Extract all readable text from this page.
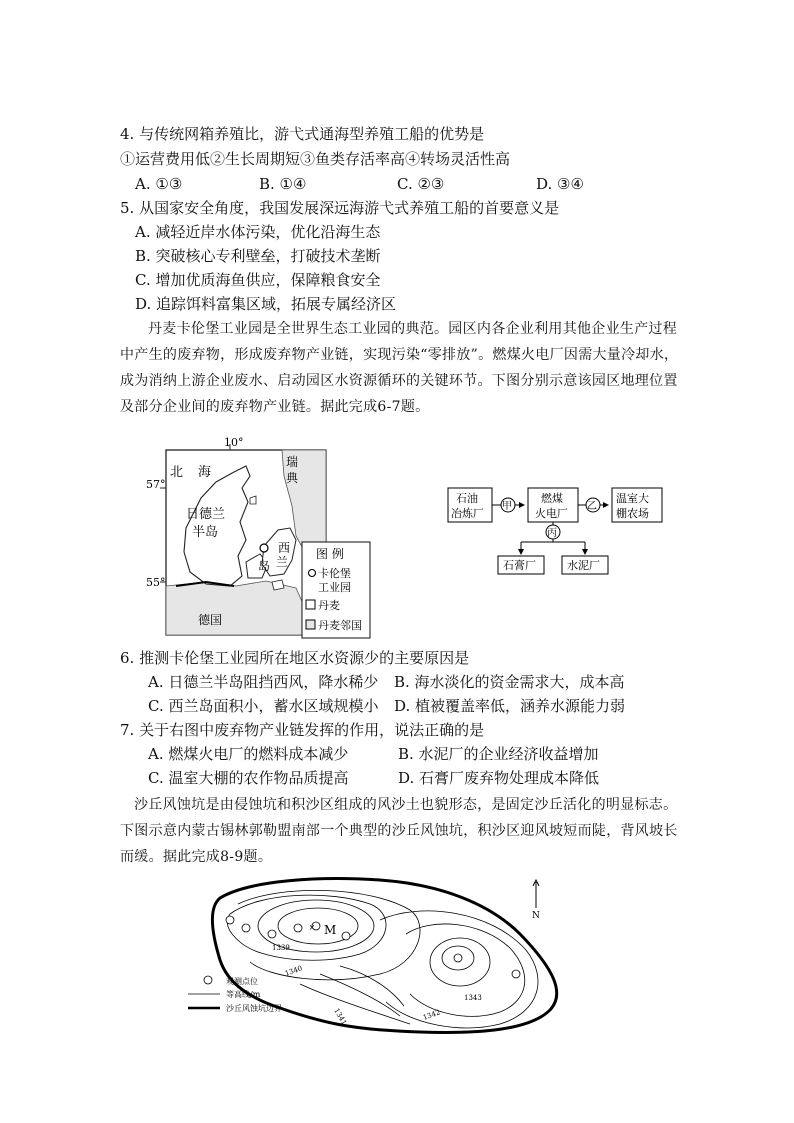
4. 与传统网箱养殖比，游弋式通海型养殖工船的优势是
①运营费用低②生长周期短③鱼类存活率高④转场灵活性高
A. ①③	B. ①④	C. ②③	D. ③④
5. 从国家安全角度，我国发展深远海游弋式养殖工船的首要意义是
A. 减轻近岸水体污染，优化沿海生态
B. 突破核心专利壁垒，打破技术垄断
C. 增加优质海鱼供应，保障粮食安全
D. 追踪饵料富集区域，拓展专属经济区
丹麦卡伦堡工业园是全世界生态工业园的典范。园区内各企业利用其他企业生产过程中产生的废弃物，形成废弃物产业链，实现污染“零排放”。燃煤火电厂因需大量冷却水，成为消纳上游企业废水、启动园区水资源循环的关键环节。下图分别示意该园区地理位置及部分企业间的废弃物产业链。据此完成6-7题。
10°
57°
55°
北 海
瑞
典
日德兰
半岛
西
兰
岛
德国
图 例
卡伦堡
工业园
丹麦
丹麦邻国
石油
冶炼厂
甲
燃煤
火电厂
乙
温室大
棚农场
丙
石膏厂	水泥厂
6. 推测卡伦堡工业园所在地区水资源少的主要原因是
A. 日德兰半岛阻挡西风，降水稀少 B. 海水淡化的资金需求大，成本高
C. 西兰岛面积小，蓄水区域规模小 D. 植被覆盖率低，涵养水源能力弱
7. 关于右图中废弃物产业链发挥的作用，说法正确的是
A. 燃煤火电厂的燃料成本减少	B. 水泥厂的企业经济收益增加
C. 温室大棚的农作物品质提高	D. 石膏厂废弃物处理成本降低
沙丘风蚀坑是由侵蚀坑和积沙区组成的风沙土也貌形态，是固定沙丘活化的明显标志。下图示意内蒙古锡林郭勒盟南部一个典型的沙丘风蚀坑，积沙区迎风坡短而陡，背风坡长而缓。据此完成8-9题。
× M
1339
1340
1341	1342
1343
N
观测点位
等高线/m
沙丘风蚀坑边界
